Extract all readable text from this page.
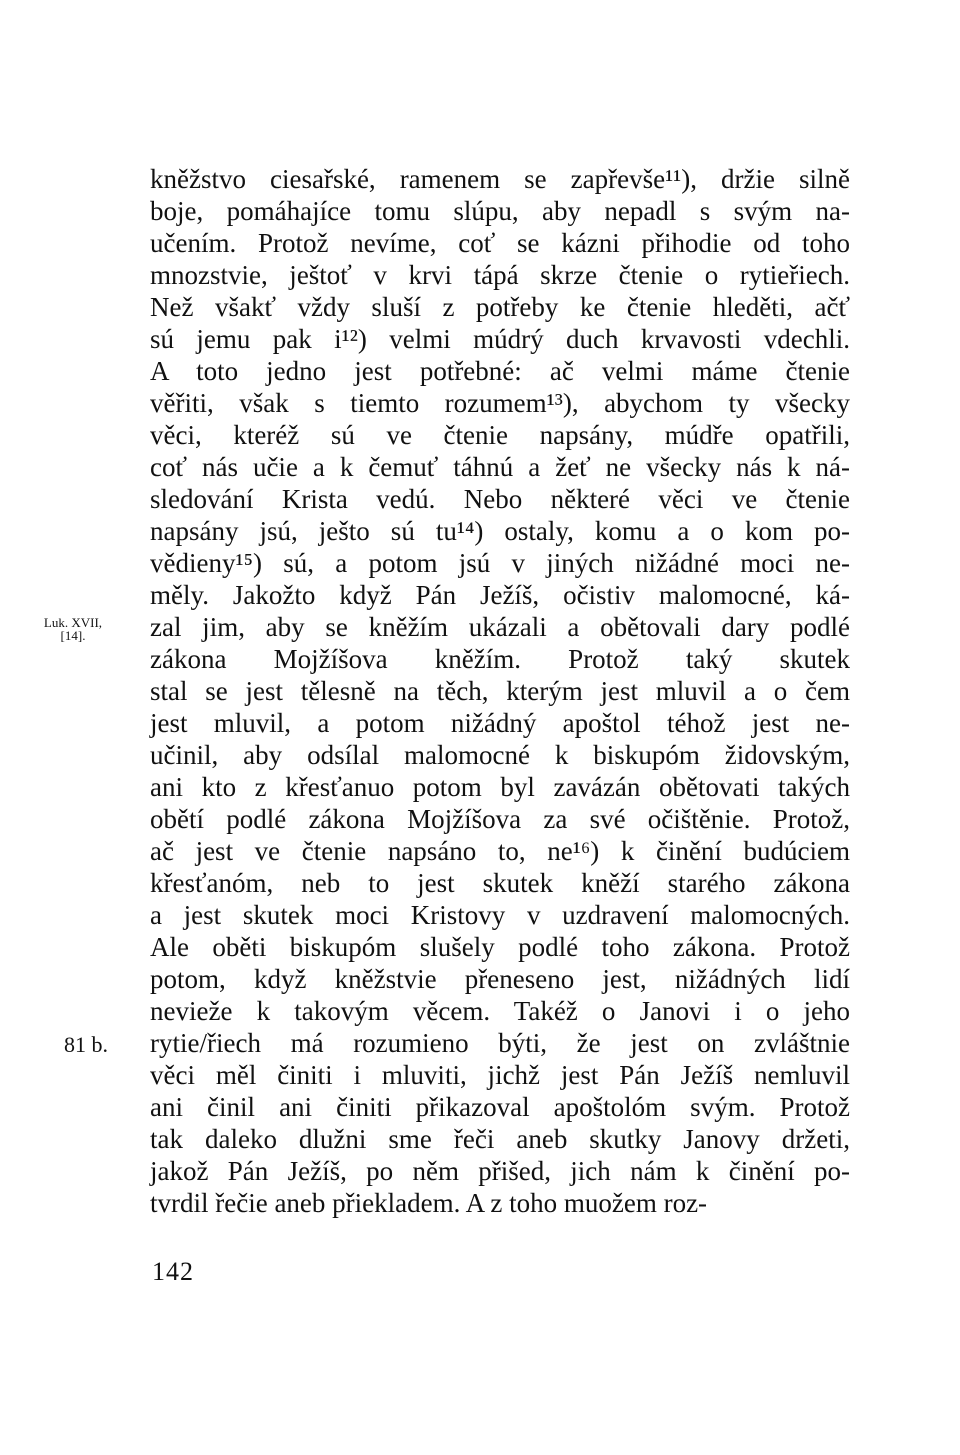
kněžstvo ciesařské, ramenem se zapřevše¹¹), držie silně
boje, pomáhajíce tomu slúpu, aby nepadl s svým na-
učením. Protož nevíme, coť se kázni přihodie od toho
mnozstvie, ještoť v krvi tápá skrze čtenie o rytieřiech.
Než všakť vždy sluší z potřeby ke čtenie hleděti, ačť
sú jemu pak i¹²) velmi múdrý duch krvavosti vdechli.
A toto jedno jest potřebné: ač velmi máme čtenie
věřiti, však s tiemto rozumem¹³), abychom ty všecky
věci, kteréž sú ve čtenie napsány, múdře opatřili,
coť nás učie a k čemuť táhnú a žeť ne všecky nás k ná-
sledování Krista vedú. Nebo některé věci ve čtenie
napsány jsú, ješto sú tu¹⁴) ostaly, komu a o kom po-
vědieny¹⁵) sú, a potom jsú v jiných nižádné moci ne-
měly. Jakožto když Pán Ježíš, očistiv malomocné, ká-
zal jim, aby se kněžím ukázali a obětovali dary podlé
zákona Mojžíšova kněžím. Protož taký skutek
stal se jest tělesně na těch, kterým jest mluvil a o čem
jest mluvil, a potom nižádný apoštol téhož jest ne-
učinil, aby odsílal malomocné k biskupóm židovským,
ani kto z křesťanuo potom byl zavázán obětovati takých
obětí podlé zákona Mojžíšova za své očištěnie. Protož,
ač jest ve čtenie napsáno to, ne¹⁶) k činění budúciem
křesťanóm, neb to jest skutek kněží starého zákona
a jest skutek moci Kristovy v uzdravení malomocných.
Ale oběti biskupóm slušely podlé toho zákona. Protož
potom, když kněžstvie přeneseno jest, nižádných lidí
nevieže k takovým věcem. Takéž o Janovi i o jeho
rytie/řiech má rozumieno býti, že jest on zvláštnie
věci měl činiti i mluviti, jichž jest Pán Ježíš nemluvil
ani činil ani činiti přikazoval apoštolóm svým. Protož
tak daleko dlužni sme řeči aneb skutky Janovy držeti,
jakož Pán Ježíš, po něm přišed, jich nám k činění po-
tvrdil řečie aneb přiekladem. A z toho muožem roz-
Luk. XVII,
[14].
81 b.
142
